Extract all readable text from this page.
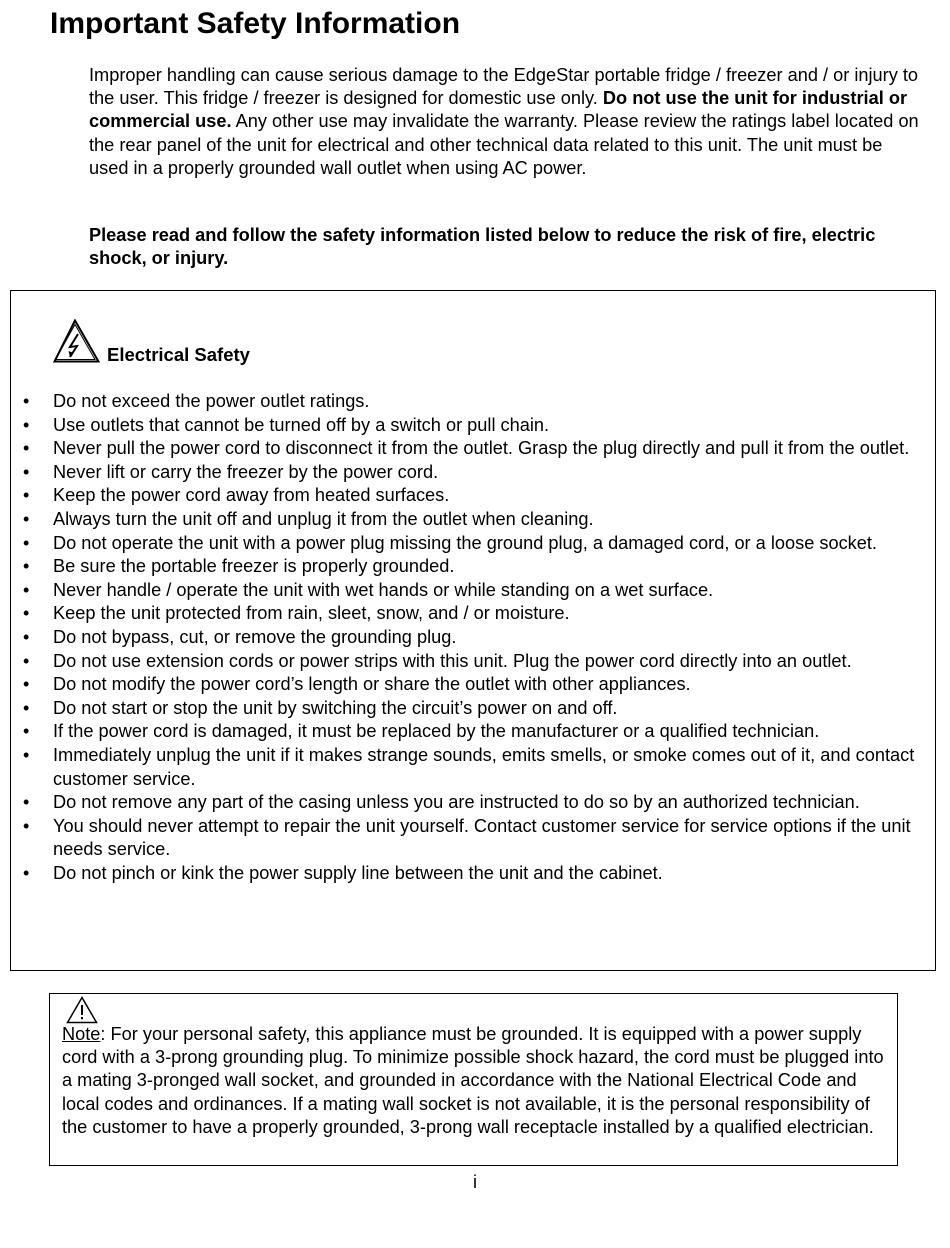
Important Safety Information

Improper handling can cause serious damage to the EdgeStar portable fridge / freezer and / or injury to the user. This fridge / freezer is designed for domestic use only. Do not use the unit for industrial or commercial use. Any other use may invalidate the warranty. Please review the ratings label located on the rear panel of the unit for electrical and other technical data related to this unit. The unit must be used in a properly grounded wall outlet when using AC power.

Please read and follow the safety information listed below to reduce the risk of fire, electric shock, or injury.

Electrical Safety
• Do not exceed the power outlet ratings.
• Use outlets that cannot be turned off by a switch or pull chain.
• Never pull the power cord to disconnect it from the outlet. Grasp the plug directly and pull it from the outlet.
• Never lift or carry the freezer by the power cord.
• Keep the power cord away from heated surfaces.
• Always turn the unit off and unplug it from the outlet when cleaning.
• Do not operate the unit with a power plug missing the ground plug, a damaged cord, or a loose socket.
• Be sure the portable freezer is properly grounded.
• Never handle / operate the unit with wet hands or while standing on a wet surface.
• Keep the unit protected from rain, sleet, snow, and / or moisture.
• Do not bypass, cut, or remove the grounding plug.
• Do not use extension cords or power strips with this unit. Plug the power cord directly into an outlet.
• Do not modify the power cord’s length or share the outlet with other appliances.
• Do not start or stop the unit by switching the circuit’s power on and off.
• If the power cord is damaged, it must be replaced by the manufacturer or a qualified technician.
• Immediately unplug the unit if it makes strange sounds, emits smells, or smoke comes out of it, and contact customer service.
• Do not remove any part of the casing unless you are instructed to do so by an authorized technician.
• You should never attempt to repair the unit yourself. Contact customer service for service options if the unit needs service.
• Do not pinch or kink the power supply line between the unit and the cabinet.

Note: For your personal safety, this appliance must be grounded. It is equipped with a power supply cord with a 3-prong grounding plug. To minimize possible shock hazard, the cord must be plugged into a mating 3-pronged wall socket, and grounded in accordance with the National Electrical Code and local codes and ordinances. If a mating wall socket is not available, it is the personal responsibility of the customer to have a properly grounded, 3-prong wall receptacle installed by a qualified electrician.

i
